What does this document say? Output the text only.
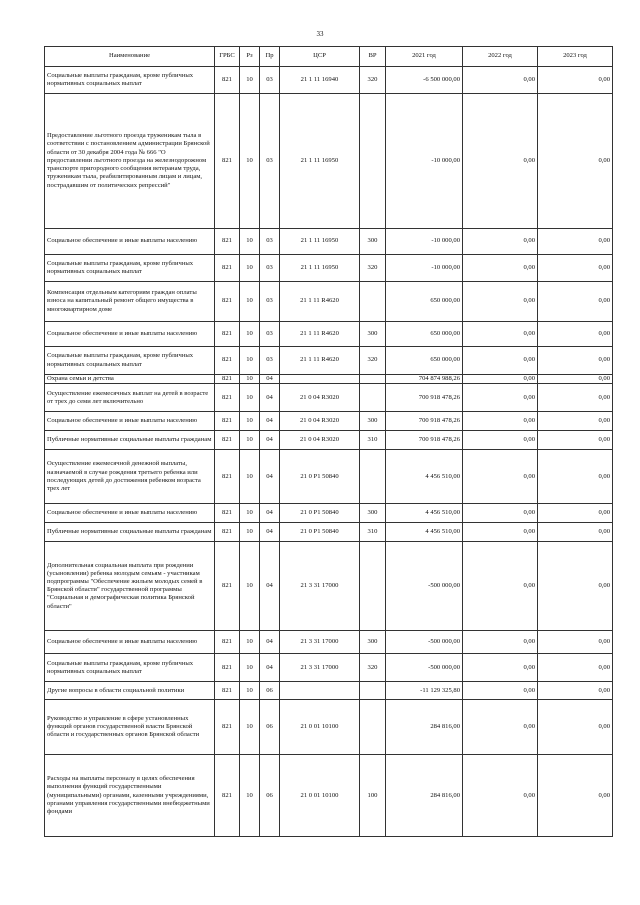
33
Наименование	ГРБС	Рз	Пр	ЦСР	ВР	2021 год	2022 год	2023 год
Социальные выплаты гражданам, кроме публичных нормативных социальных выплат	821	10	03	21 1 11 16940	320	-6 500 000,00	0,00	0,00
Предоставление льготного проезда труженикам тыла в соответствии с постановлением администрации Брянской области от 30 декабря 2004 года № 666 "О предоставлении льготного проезда на железнодорожном транспорте пригородного сообщения ветеранам труда, труженикам тыла, реабилитированным лицам и лицам, пострадавшим от политических репрессий"	821	10	03	21 1 11 16950		-10 000,00	0,00	0,00
Социальное обеспечение и иные выплаты населению	821	10	03	21 1 11 16950	300	-10 000,00	0,00	0,00
Социальные выплаты гражданам, кроме публичных нормативных социальных выплат	821	10	03	21 1 11 16950	320	-10 000,00	0,00	0,00
Компенсация отдельным категориям граждан оплаты взноса на капитальный ремонт общего имущества в многоквартирном доме	821	10	03	21 1 11 R4620		650 000,00	0,00	0,00
Социальное обеспечение и иные выплаты населению	821	10	03	21 1 11 R4620	300	650 000,00	0,00	0,00
Социальные выплаты гражданам, кроме публичных нормативных социальных выплат	821	10	03	21 1 11 R4620	320	650 000,00	0,00	0,00
Охрана семьи и детства	821	10	04			704 874 988,26	0,00	0,00
Осуществление ежемесячных выплат на детей в возрасте от трех до семи лет включительно	821	10	04	21 0 04 R3020		700 918 478,26	0,00	0,00
Социальное обеспечение и иные выплаты населению	821	10	04	21 0 04 R3020	300	700 918 478,26	0,00	0,00
Публичные нормативные социальные выплаты гражданам	821	10	04	21 0 04 R3020	310	700 918 478,26	0,00	0,00
Осуществление ежемесячной денежной выплаты, назначаемой в случае рождения третьего ребенка или последующих детей до достижения ребенком возраста трех лет	821	10	04	21 0 P1 50840		4 456 510,00	0,00	0,00
Социальное обеспечение и иные выплаты населению	821	10	04	21 0 P1 50840	300	4 456 510,00	0,00	0,00
Публичные нормативные социальные выплаты гражданам	821	10	04	21 0 P1 50840	310	4 456 510,00	0,00	0,00
Дополнительная социальная выплата при рождении (усыновлении) ребенка молодым семьям - участникам подпрограммы "Обеспечение жильем молодых семей в Брянской области" государственной программы "Социальная и демографическая политика Брянской области"	821	10	04	21 3 31 17000		-500 000,00	0,00	0,00
Социальное обеспечение и иные выплаты населению	821	10	04	21 3 31 17000	300	-500 000,00	0,00	0,00
Социальные выплаты гражданам, кроме публичных нормативных социальных выплат	821	10	04	21 3 31 17000	320	-500 000,00	0,00	0,00
Другие вопросы в области социальной политики	821	10	06			-11 129 325,80	0,00	0,00
Руководство и управление в сфере установленных функций органов государственной власти Брянской области и государственных органов Брянской области	821	10	06	21 0 01 10100		284 816,00	0,00	0,00
Расходы на выплаты персоналу в целях обеспечения выполнения функций государственными (муниципальными) органами, казенными учреждениями, органами управления государственными внебюджетными фондами	821	10	06	21 0 01 10100	100	284 816,00	0,00	0,00
